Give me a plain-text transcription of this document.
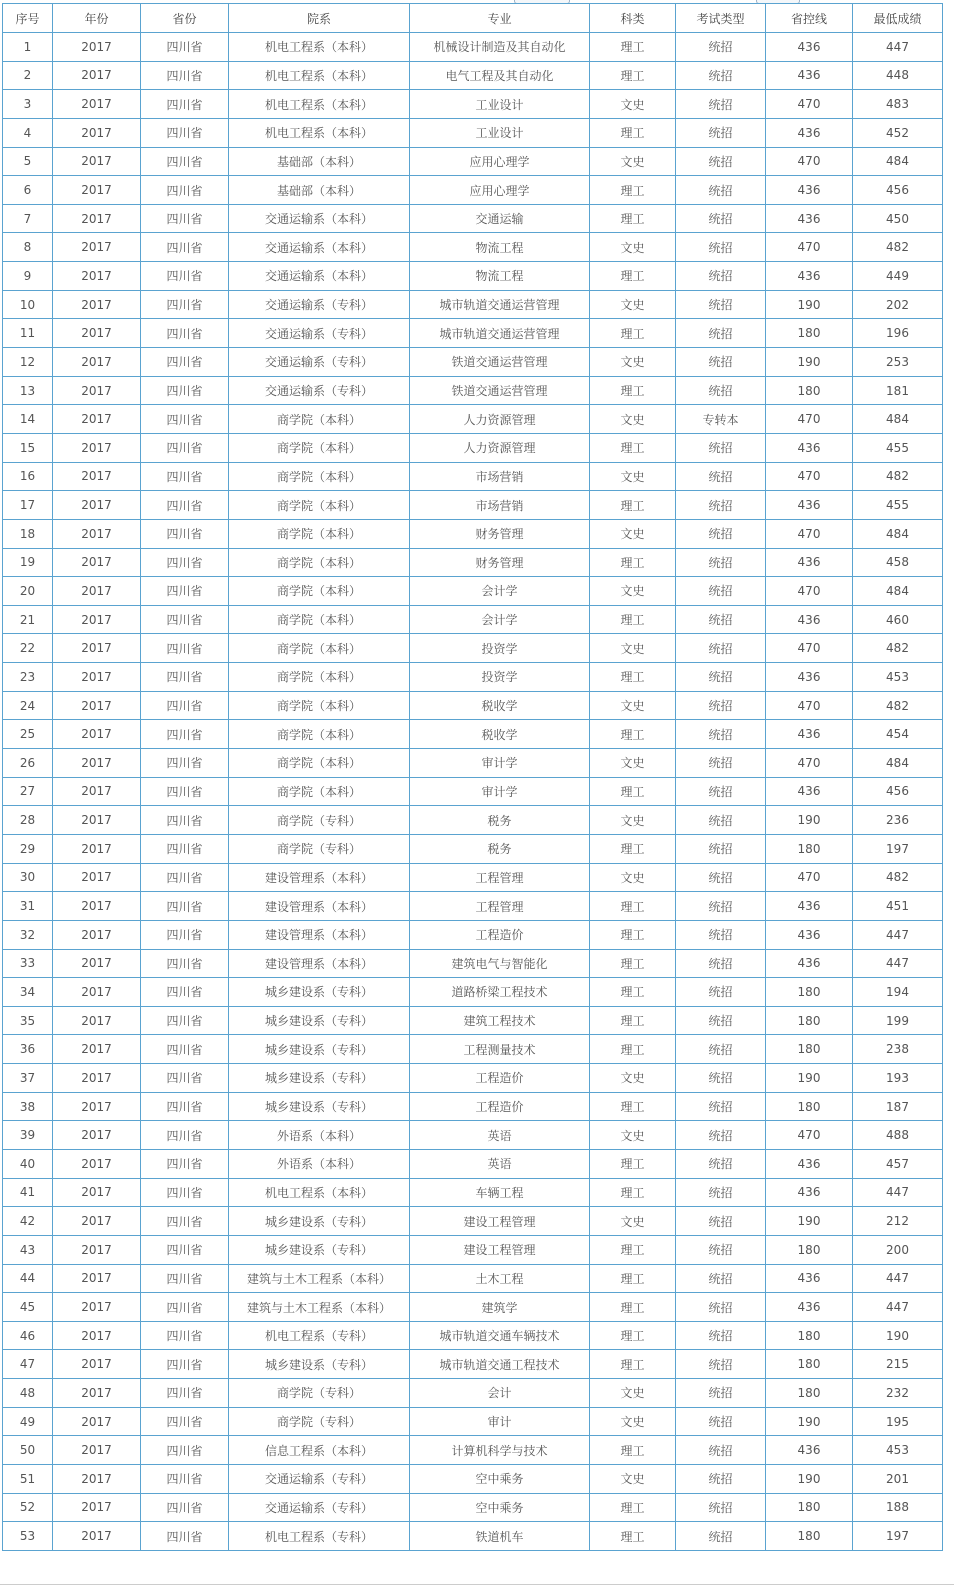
序号	年份	省份	院系	专业	科类	考试类型	省控线	最低成绩
1	2017	四川省	机电工程系（本科）	机械设计制造及其自动化	理工	统招	436	447
2	2017	四川省	机电工程系（本科）	电气工程及其自动化	理工	统招	436	448
3	2017	四川省	机电工程系（本科）	工业设计	文史	统招	470	483
4	2017	四川省	机电工程系（本科）	工业设计	理工	统招	436	452
5	2017	四川省	基础部（本科）	应用心理学	文史	统招	470	484
6	2017	四川省	基础部（本科）	应用心理学	理工	统招	436	456
7	2017	四川省	交通运输系（本科）	交通运输	理工	统招	436	450
8	2017	四川省	交通运输系（本科）	物流工程	文史	统招	470	482
9	2017	四川省	交通运输系（本科）	物流工程	理工	统招	436	449
10	2017	四川省	交通运输系（专科）	城市轨道交通运营管理	文史	统招	190	202
11	2017	四川省	交通运输系（专科）	城市轨道交通运营管理	理工	统招	180	196
12	2017	四川省	交通运输系（专科）	铁道交通运营管理	文史	统招	190	253
13	2017	四川省	交通运输系（专科）	铁道交通运营管理	理工	统招	180	181
14	2017	四川省	商学院（本科）	人力资源管理	文史	专转本	470	484
15	2017	四川省	商学院（本科）	人力资源管理	理工	统招	436	455
16	2017	四川省	商学院（本科）	市场营销	文史	统招	470	482
17	2017	四川省	商学院（本科）	市场营销	理工	统招	436	455
18	2017	四川省	商学院（本科）	财务管理	文史	统招	470	484
19	2017	四川省	商学院（本科）	财务管理	理工	统招	436	458
20	2017	四川省	商学院（本科）	会计学	文史	统招	470	484
21	2017	四川省	商学院（本科）	会计学	理工	统招	436	460
22	2017	四川省	商学院（本科）	投资学	文史	统招	470	482
23	2017	四川省	商学院（本科）	投资学	理工	统招	436	453
24	2017	四川省	商学院（本科）	税收学	文史	统招	470	482
25	2017	四川省	商学院（本科）	税收学	理工	统招	436	454
26	2017	四川省	商学院（本科）	审计学	文史	统招	470	484
27	2017	四川省	商学院（本科）	审计学	理工	统招	436	456
28	2017	四川省	商学院（专科）	税务	文史	统招	190	236
29	2017	四川省	商学院（专科）	税务	理工	统招	180	197
30	2017	四川省	建设管理系（本科）	工程管理	文史	统招	470	482
31	2017	四川省	建设管理系（本科）	工程管理	理工	统招	436	451
32	2017	四川省	建设管理系（本科）	工程造价	理工	统招	436	447
33	2017	四川省	建设管理系（本科）	建筑电气与智能化	理工	统招	436	447
34	2017	四川省	城乡建设系（专科）	道路桥梁工程技术	理工	统招	180	194
35	2017	四川省	城乡建设系（专科）	建筑工程技术	理工	统招	180	199
36	2017	四川省	城乡建设系（专科）	工程测量技术	理工	统招	180	238
37	2017	四川省	城乡建设系（专科）	工程造价	文史	统招	190	193
38	2017	四川省	城乡建设系（专科）	工程造价	理工	统招	180	187
39	2017	四川省	外语系（本科）	英语	文史	统招	470	488
40	2017	四川省	外语系（本科）	英语	理工	统招	436	457
41	2017	四川省	机电工程系（本科）	车辆工程	理工	统招	436	447
42	2017	四川省	城乡建设系（专科）	建设工程管理	文史	统招	190	212
43	2017	四川省	城乡建设系（专科）	建设工程管理	理工	统招	180	200
44	2017	四川省	建筑与土木工程系（本科）	土木工程	理工	统招	436	447
45	2017	四川省	建筑与土木工程系（本科）	建筑学	理工	统招	436	447
46	2017	四川省	机电工程系（专科）	城市轨道交通车辆技术	理工	统招	180	190
47	2017	四川省	城乡建设系（专科）	城市轨道交通工程技术	理工	统招	180	215
48	2017	四川省	商学院（专科）	会计	文史	统招	180	232
49	2017	四川省	商学院（专科）	审计	文史	统招	190	195
50	2017	四川省	信息工程系（本科）	计算机科学与技术	理工	统招	436	453
51	2017	四川省	交通运输系（专科）	空中乘务	文史	统招	190	201
52	2017	四川省	交通运输系（专科）	空中乘务	理工	统招	180	188
53	2017	四川省	机电工程系（专科）	铁道机车	理工	统招	180	197
